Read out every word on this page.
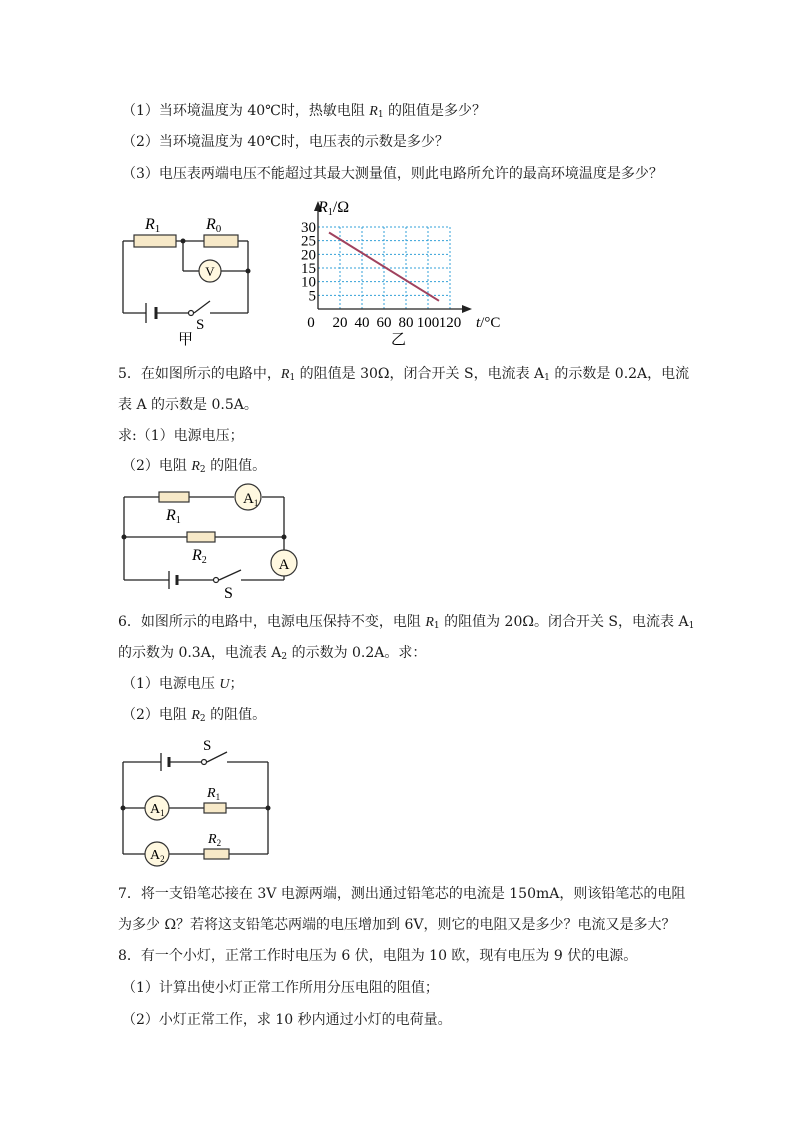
（1）当环境温度为 40℃时，热敏电阻 $R_1$ 的阻值是多少？
（2）当环境温度为 40℃时，电压表的示数是多少？
（3）电压表两端电压不能超过其最大测量值，则此电路所允许的最高环境温度是多少？
V
R1	R0
S
甲
5
10
15
20
25
30
0 20 40 60 80 100 120
R1/Ω
t/°C
乙
5．在如图所示的电路中，$R_1$ 的阻值是 30Ω，闭合开关 S，电流表 $A_1$ 的示数是 0.2A，电流
表 A 的示数是 0.5A。
求:（1）电源电压；
（2）电阻 $R_2$ 的阻值。
$A_1$
A
R1
R2
S
6．如图所示的电路中，电源电压保持不变，电阻 $R_1$ 的阻值为 20Ω。闭合开关 S，电流表 $A_1$
的示数为 0.3A，电流表 $A_2$ 的示数为 0.2A。求：
（1）电源电压 U；
（2）电阻 $R_2$ 的阻值。
S
$A_1$
$A_2$
$R_1$
$R_2$
7．将一支铅笔芯接在 3V 电源两端，测出通过铅笔芯的电流是 150mA，则该铅笔芯的电阻
为多少 Ω？若将这支铅笔芯两端的电压增加到 6V，则它的电阻又是多少？电流又是多大？
8．有一个小灯，正常工作时电压为 6 伏，电阻为 10 欧，现有电压为 9 伏的电源。
（1）计算出使小灯正常工作所用分压电阻的阻值；
（2）小灯正常工作，求 10 秒内通过小灯的电荷量。
